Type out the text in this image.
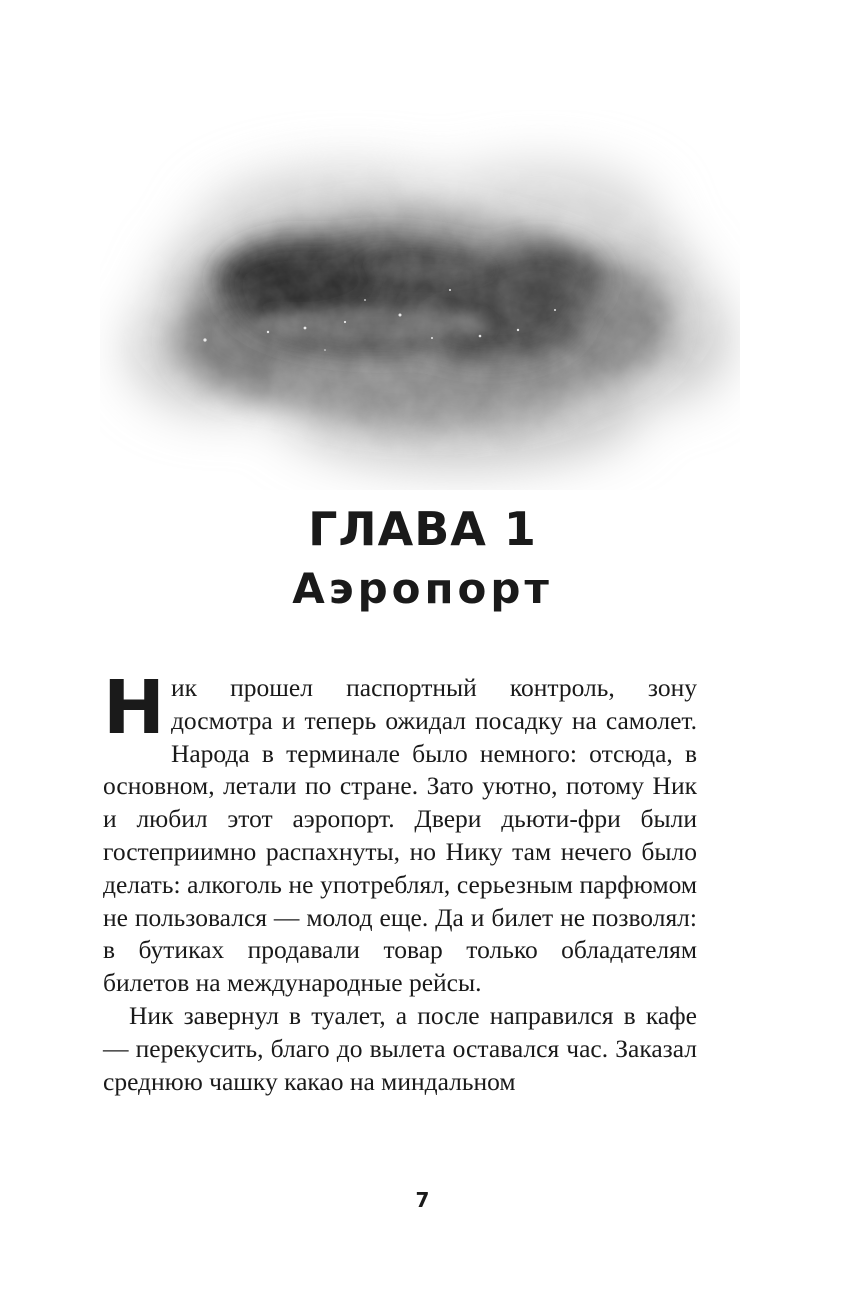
ГЛАВА 1
Аэропорт

Ник прошел паспортный контроль, зону досмотра и теперь ожидал посадку на самолет. Народа в терминале было немного: отсюда, в основном, летали по стране. Зато уютно, потому Ник и любил этот аэропорт. Двери дьюти-фри были гостеприимно распахнуты, но Нику там нечего было делать: алкоголь не употреблял, серьезным парфюмом не пользовался — молод еще. Да и билет не позволял: в бутиках продавали товар только обладателям билетов на международные рейсы.

Ник завернул в туалет, а после направился в кафе — перекусить, благо до вылета оставался час. Заказал среднюю чашку какао на миндальном

7
